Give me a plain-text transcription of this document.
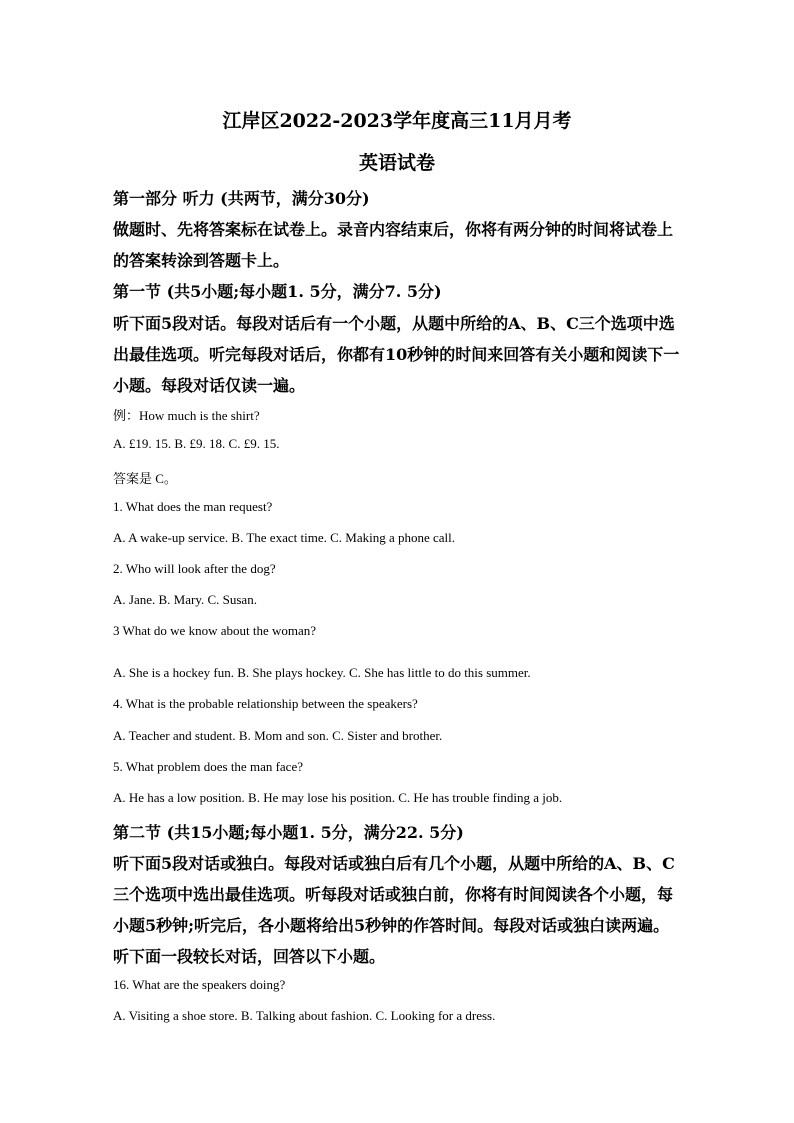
江岸区2022-2023学年度高三11月月考
英语试卷
第一部分 听力 (共两节，满分30分)
做题时、先将答案标在试卷上。录音内容结束后，你将有两分钟的时间将试卷上
的答案转涂到答题卡上。
第一节 (共5小题;每小题1. 5分，满分7. 5分)
听下面5段对话。每段对话后有一个小题，从题中所给的A、B、C三个选项中选
出最佳选项。听完每段对话后，你都有10秒钟的时间来回答有关小题和阅读下一
小题。每段对话仅读一遍。
例：How much is the shirt?
A. £19. 15. B. £9. 18. C. £9. 15.
答案是 C。
1. What does the man request?
A. A wake-up service. B. The exact time. C. Making a phone call.
2. Who will look after the dog?
A. Jane. B. Mary. C. Susan.
3 What do we know about the woman?
A. She is a hockey fun. B. She plays hockey. C. She has little to do this summer.
4. What is the probable relationship between the speakers?
A. Teacher and student. B. Mom and son. C. Sister and brother.
5. What problem does the man face?
A. He has a low position. B. He may lose his position. C. He has trouble finding a job.
第二节 (共15小题;每小题1. 5分，满分22. 5分)
听下面5段对话或独白。每段对话或独白后有几个小题，从题中所给的A、B、C
三个选项中选出最佳选项。听每段对话或独白前，你将有时间阅读各个小题，每
小题5秒钟;听完后，各小题将给出5秒钟的作答时间。每段对话或独白读两遍。
听下面一段较长对话，回答以下小题。
16. What are the speakers doing?
A. Visiting a shoe store. B. Talking about fashion. C. Looking for a dress.
